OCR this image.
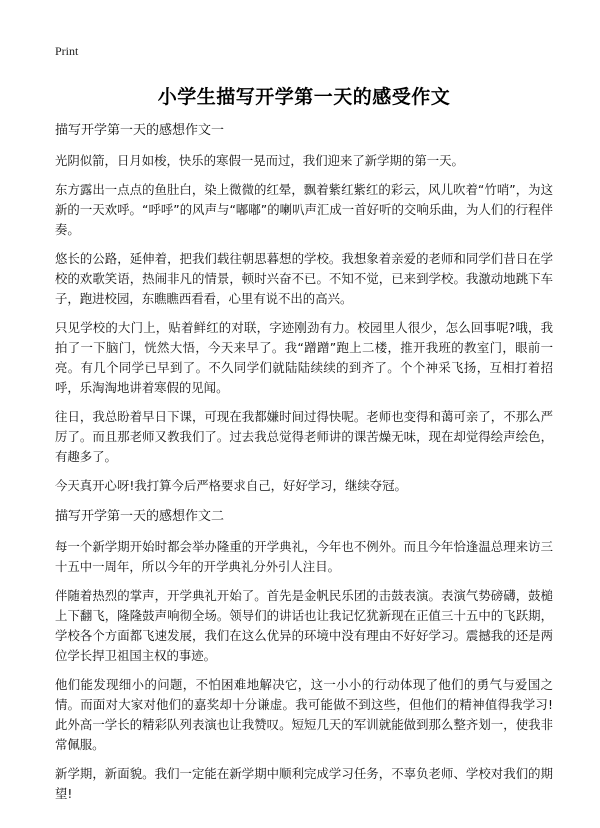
Print
小学生描写开学第一天的感受作文
描写开学第一天的感想作文一

光阴似箭，日月如梭，快乐的寒假一晃而过，我们迎来了新学期的第一天。

东方露出一点点的鱼肚白，染上微微的红晕，飘着紫红紫红的彩云，风儿吹着“竹哨”，为这新的一天欢呼。“呼呼”的风声与“嘟嘟”的喇叭声汇成一首好听的交响乐曲，为人们的行程伴奏。

悠长的公路，延伸着，把我们载往朝思暮想的学校。我想象着亲爱的老师和同学们昔日在学校的欢歌笑语，热闹非凡的情景，顿时兴奋不已。不知不觉，已来到学校。我激动地跳下车子，跑进校园，东瞧瞧西看看，心里有说不出的高兴。

只见学校的大门上，贴着鲜红的对联，字迹刚劲有力。校园里人很少，怎么回事呢?哦，我拍了一下脑门，恍然大悟，今天来早了。我“蹭蹭”跑上二楼，推开我班的教室门，眼前一亮。有几个同学已早到了。不久同学们就陆陆续续的到齐了。个个神采飞扬，互相打着招呼，乐淘淘地讲着寒假的见闻。

往日，我总盼着早日下课，可现在我都嫌时间过得快呢。老师也变得和蔼可亲了，不那么严厉了。而且那老师又教我们了。过去我总觉得老师讲的课苦燥无味，现在却觉得绘声绘色，有趣多了。

今天真开心呀!我打算今后严格要求自己，好好学习，继续夺冠。

描写开学第一天的感想作文二

每一个新学期开始时都会举办隆重的开学典礼，今年也不例外。而且今年恰逢温总理来访三十五中一周年，所以今年的开学典礼分外引人注目。

伴随着热烈的掌声，开学典礼开始了。首先是金帆民乐团的击鼓表演。表演气势磅礴，鼓槌上下翻飞，隆隆鼓声响彻全场。领导们的讲话也让我记忆犹新现在正值三十五中的飞跃期，学校各个方面都飞速发展，我们在这么优异的环境中没有理由不好好学习。震撼我的还是两位学长捍卫祖国主权的事迹。

他们能发现细小的问题，不怕困难地解决它，这一小小的行动体现了他们的勇气与爱国之情。而面对大家对他们的嘉奖却十分谦虚。我可能做不到这些，但他们的精神值得我学习!此外高一学长的精彩队列表演也让我赞叹。短短几天的军训就能做到那么整齐划一，使我非常佩服。

新学期，新面貌。我们一定能在新学期中顺利完成学习任务，不辜负老师、学校对我们的期望!
